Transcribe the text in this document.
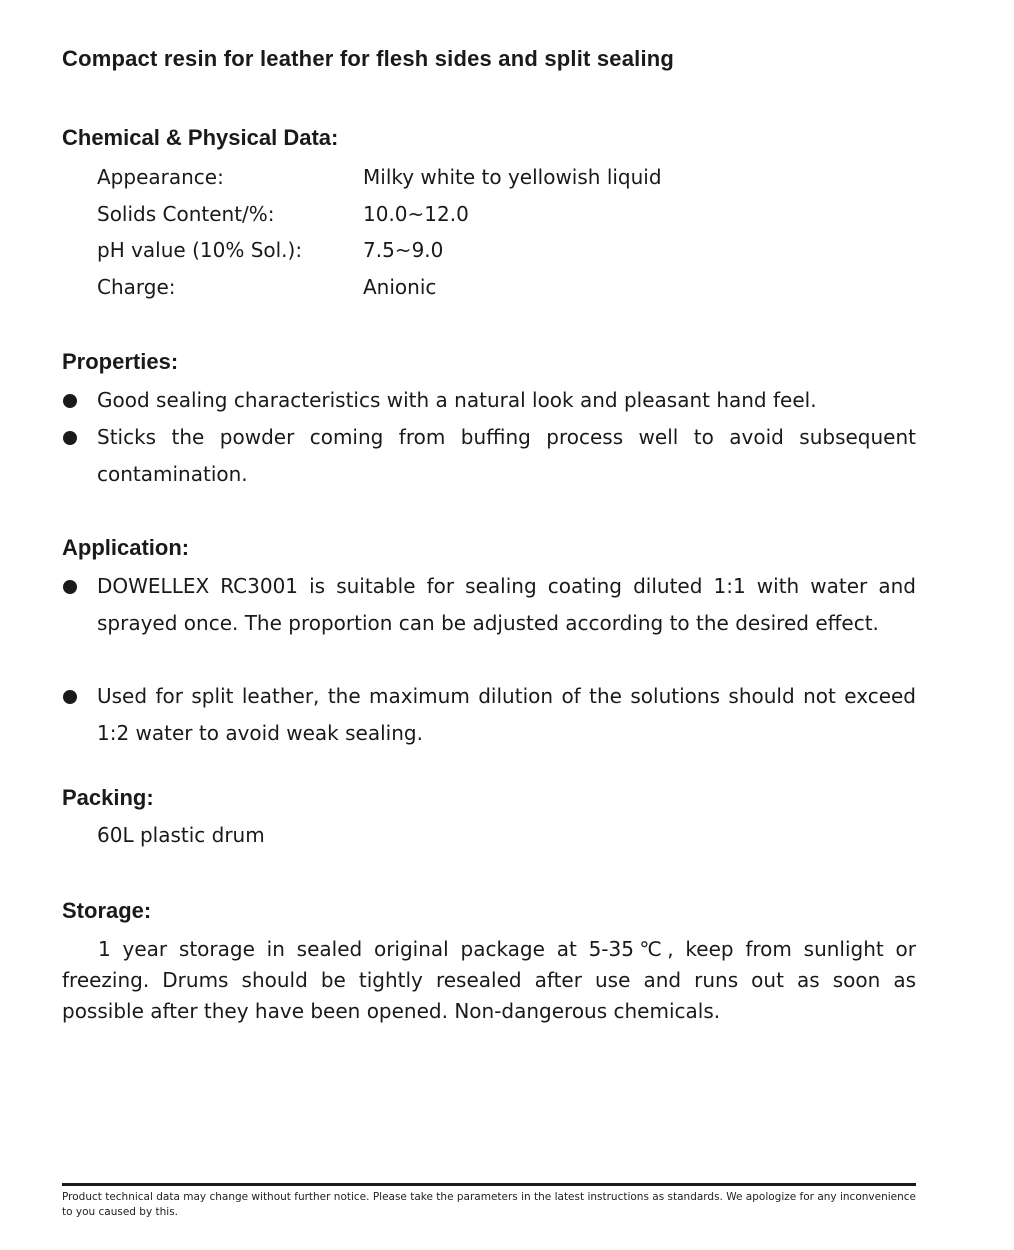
Compact resin for leather for flesh sides and split sealing
Chemical & Physical Data:
Appearance:	Milky white to yellowish liquid
Solids Content/%:	10.0~12.0
pH value (10% Sol.):	7.5~9.0
Charge:	Anionic
Properties:
Good sealing characteristics with a natural look and pleasant hand feel.
Sticks the powder coming from buffing process well to avoid subsequent contamination.
Application:
DOWELLEX RC3001 is suitable for sealing coating diluted 1:1 with water and sprayed once. The proportion can be adjusted according to the desired effect.
Used for split leather, the maximum dilution of the solutions should not exceed 1:2 water to avoid weak sealing.
Packing:
60L plastic drum
Storage:
1 year storage in sealed original package at 5-35℃, keep from sunlight or freezing. Drums should be tightly resealed after use and runs out as soon as possible after they have been opened. Non-dangerous chemicals.
Product technical data may change without further notice. Please take the parameters in the latest instructions as standards. We apologize for any inconvenience to you caused by this.
